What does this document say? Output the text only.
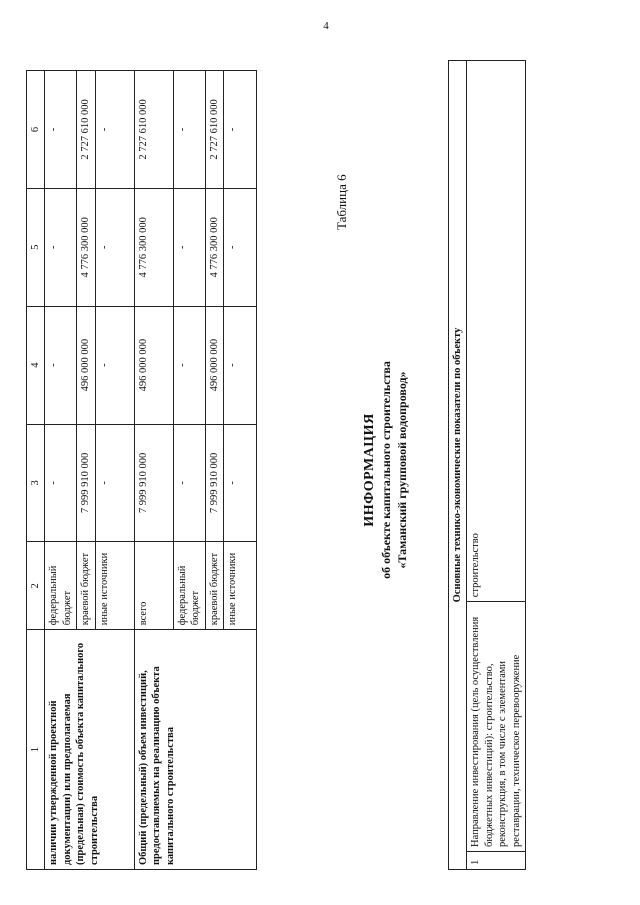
4
1	2	3	4	5	6
наличии утвержденной проектной документации) или предполагаемая (предельная) стоимость объекта капитального строительства	федеральный бюджет	-	-	-	-
	краевой бюджет	7 999 910 000	496 000 000	4 776 300 000	2 727 610 000
	иные источники	-	-	-	-
Общий (предельный) объем инвестиций, предоставляемых на реализацию объекта капитального строительства	всего	7 999 910 000	496 000 000	4 776 300 000	2 727 610 000
	федеральный бюджет	-	-	-	-
	краевой бюджет	7 999 910 000	496 000 000	4 776 300 000	2 727 610 000
	иные источники	-	-	-	-
Таблица 6
ИНФОРМАЦИЯ об объекте капитального строительства «Таманский групповой водопровод»	Основные технико-экономические показатели по объекту
1	Направление инвестирования (цель осуществления бюджетных инвестиций): строительство, реконструкция, в том числе с элементами реставрации, техническое перевооружение	строительство
